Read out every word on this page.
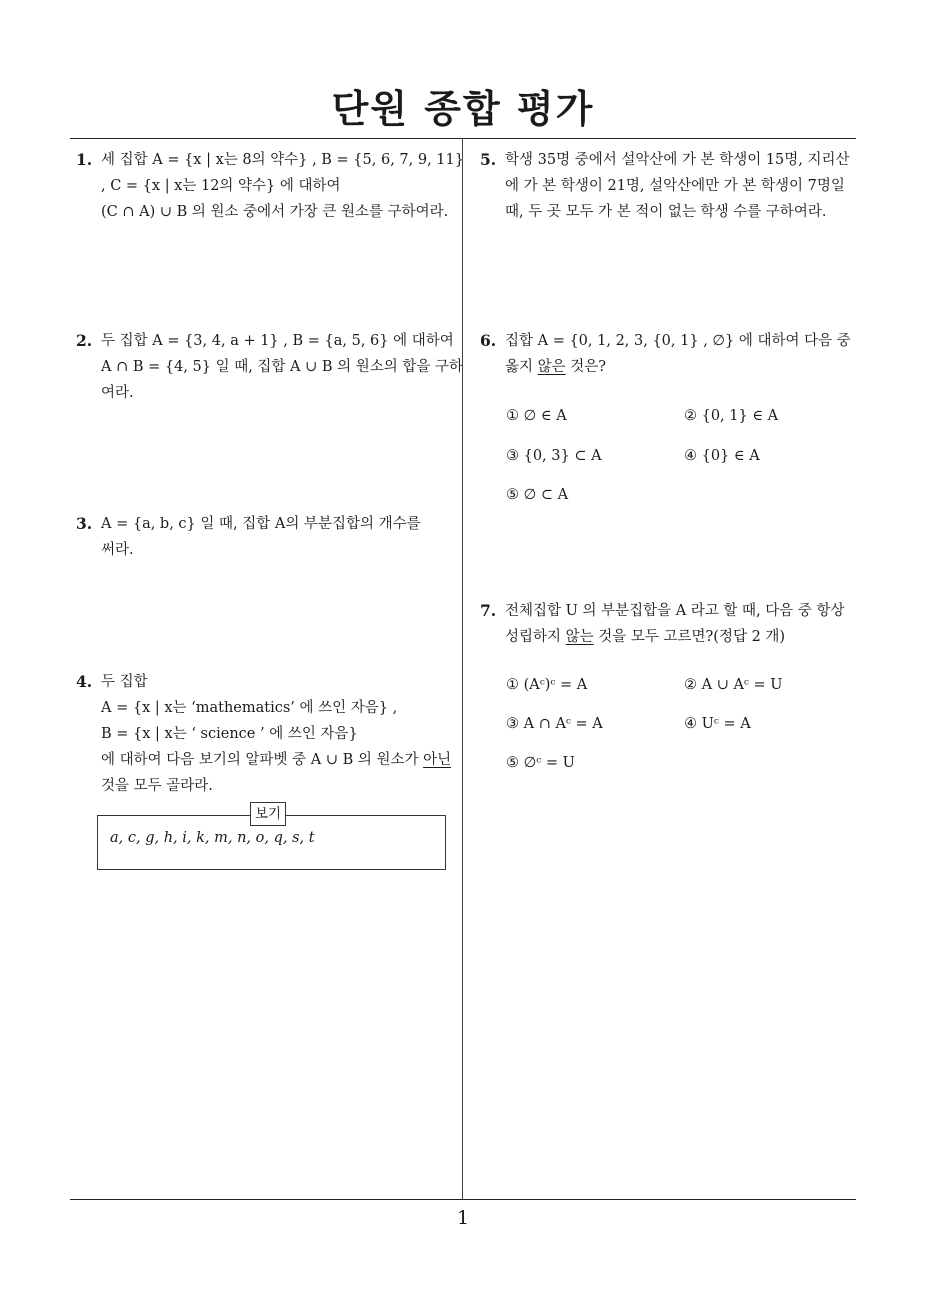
단원 종합 평가
1. 세 집합 A = {x | x는 8의 약수} , B = {5, 6, 7, 9, 11}
, C = {x | x는 12의 약수} 에 대하여
(C ∩ A) ∪ B 의 원소 중에서 가장 큰 원소를 구하여라.
2. 두 집합 A = {3, 4, a + 1} , B = {a, 5, 6} 에 대하여
A ∩ B = {4, 5} 일 때, 집합 A ∪ B 의 원소의 합을 구하
여라.
3. A = {a, b, c} 일 때, 집합 A의 부분집합의 개수를
써라.
4. 두 집합
A = {x | x는 ‘mathematics’ 에 쓰인 자음} ,
B = {x | x는 ‘ science ’ 에 쓰인 자음}
에 대하여 다음 보기의 알파벳 중 A ∪ B 의 원소가 아닌
것을 모두 골라라.
보기
a, c, g, h, i, k, m, n, o, q, s, t
5. 학생 35명 중에서 설악산에 가 본 학생이 15명, 지리산
에 가 본 학생이 21명, 설악산에만 가 본 학생이 7명일
때, 두 곳 모두 가 본 적이 없는 학생 수를 구하여라.
6. 집합 A = {0, 1, 2, 3, {0, 1} , ∅} 에 대하여 다음 중
옳지 않은 것은?
① ∅ ∈ A	② {0, 1} ∈ A
③ {0, 3} ⊂ A	④ {0} ∈ A
⑤ ∅ ⊂ A
7. 전체집합 U 의 부분집합을 A 라고 할 때, 다음 중 항상
성립하지 않는 것을 모두 고르면?(정답 2 개)
① (Aᶜ)ᶜ = A	② A ∪ Aᶜ = U
③ A ∩ Aᶜ = A	④ Uᶜ = A
⑤ ∅ᶜ = U
1
